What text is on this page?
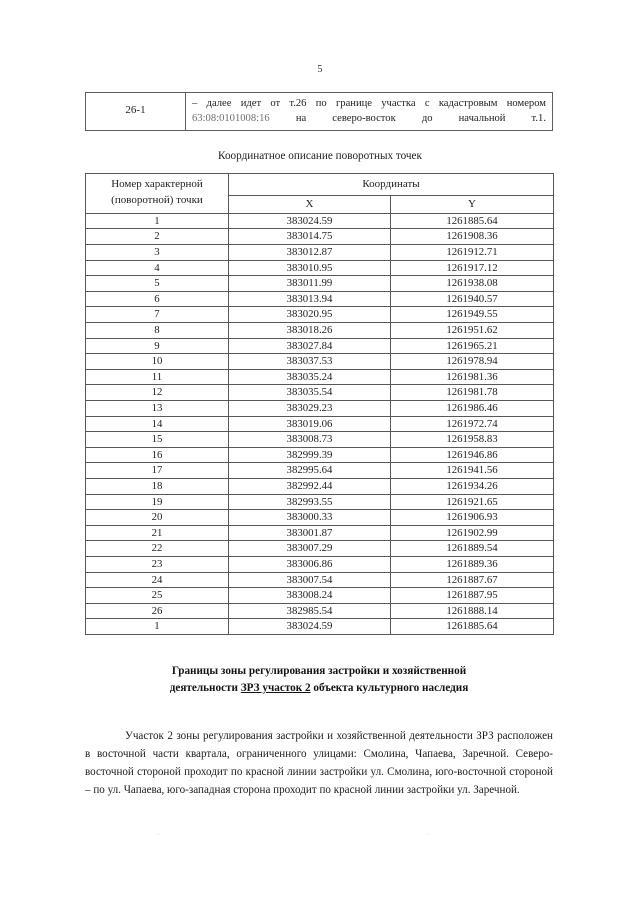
5
26-1	– далее идет от т.26 по границе участка с кадастровым номером 63:08:0101008:16 на северо-восток до начальной т.1.
Координатное описание поворотных точек
Номер характерной
(поворотной) точки	Координаты	
	X	Y
1	383024.59	1261885.64
2	383014.75	1261908.36
3	383012.87	1261912.71
4	383010.95	1261917.12
5	383011.99	1261938.08
6	383013.94	1261940.57
7	383020.95	1261949.55
8	383018.26	1261951.62
9	383027.84	1261965.21
10	383037.53	1261978.94
11	383035.24	1261981.36
12	383035.54	1261981.78
13	383029.23	1261986.46
14	383019.06	1261972.74
15	383008.73	1261958.83
16	382999.39	1261946.86
17	382995.64	1261941.56
18	382992.44	1261934.26
19	382993.55	1261921.65
20	383000.33	1261906.93
21	383001.87	1261902.99
22	383007.29	1261889.54
23	383006.86	1261889.36
24	383007.54	1261887.67
25	383008.24	1261887.95
26	382985.54	1261888.14
1	383024.59	1261885.64
Границы зоны регулирования застройки и хозяйственной
деятельности ЗРЗ участок 2 объекта культурного наследия

Участок 2 зоны регулирования застройки и хозяйственной деятельности ЗРЗ расположен в восточной части квартала, ограниченного улицами: Смолина, Чапаева, Заречной. Северо-восточной стороной проходит по красной линии застройки ул. Смолина, юго-восточной стороной – по ул. Чапаева, юго-западная сторона проходит по красной линии застройки ул. Заречной.

··	··
